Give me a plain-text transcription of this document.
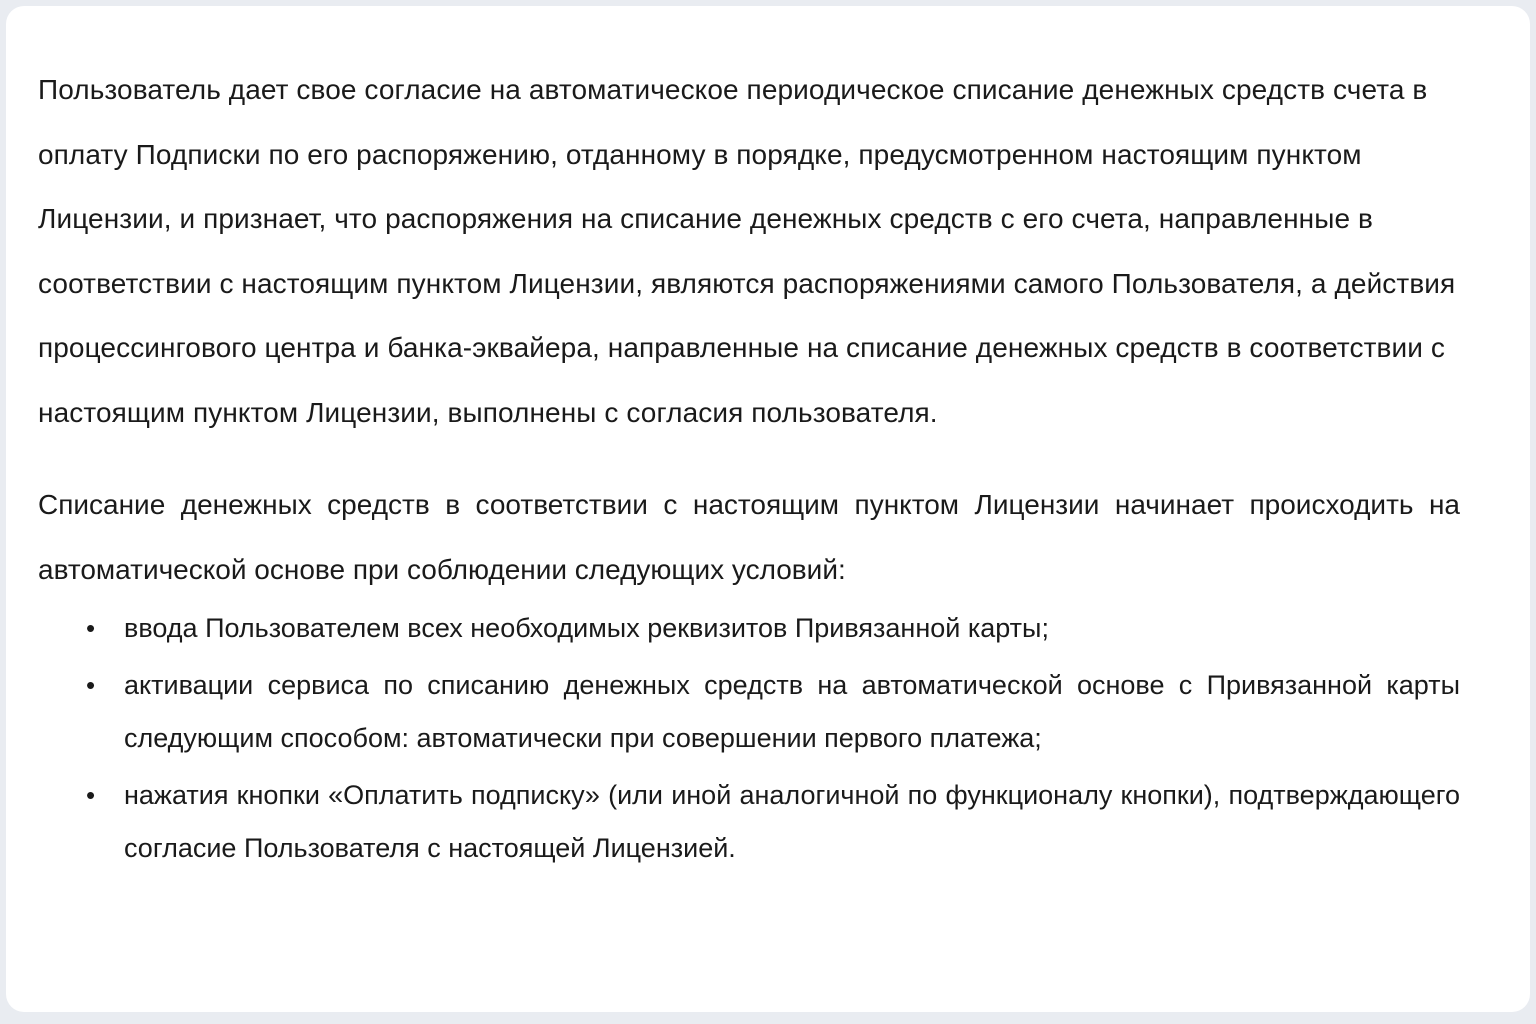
Пользователь дает свое согласие на автоматическое периодическое списание денежных средств счета в оплату Подписки по его распоряжению, отданному в порядке, предусмотренном настоящим пунктом Лицензии, и признает, что распоряжения на списание денежных средств с его счета, направленные в соответствии с настоящим пунктом Лицензии, являются распоряжениями самого Пользователя, а действия процессингового центра и банка-эквайера, направленные на списание денежных средств в соответствии с настоящим пунктом Лицензии, выполнены с согласия пользователя.

Списание денежных средств в соответствии с настоящим пунктом Лицензии начинает происходить на автоматической основе при соблюдении следующих условий:

• ввода Пользователем всех необходимых реквизитов Привязанной карты;
• активации сервиса по списанию денежных средств на автоматической основе с Привязанной карты следующим способом: автоматически при совершении первого платежа;
• нажатия кнопки «Оплатить подписку» (или иной аналогичной по функционалу кнопки), подтверждающего согласие Пользователя с настоящей Лицензией.
